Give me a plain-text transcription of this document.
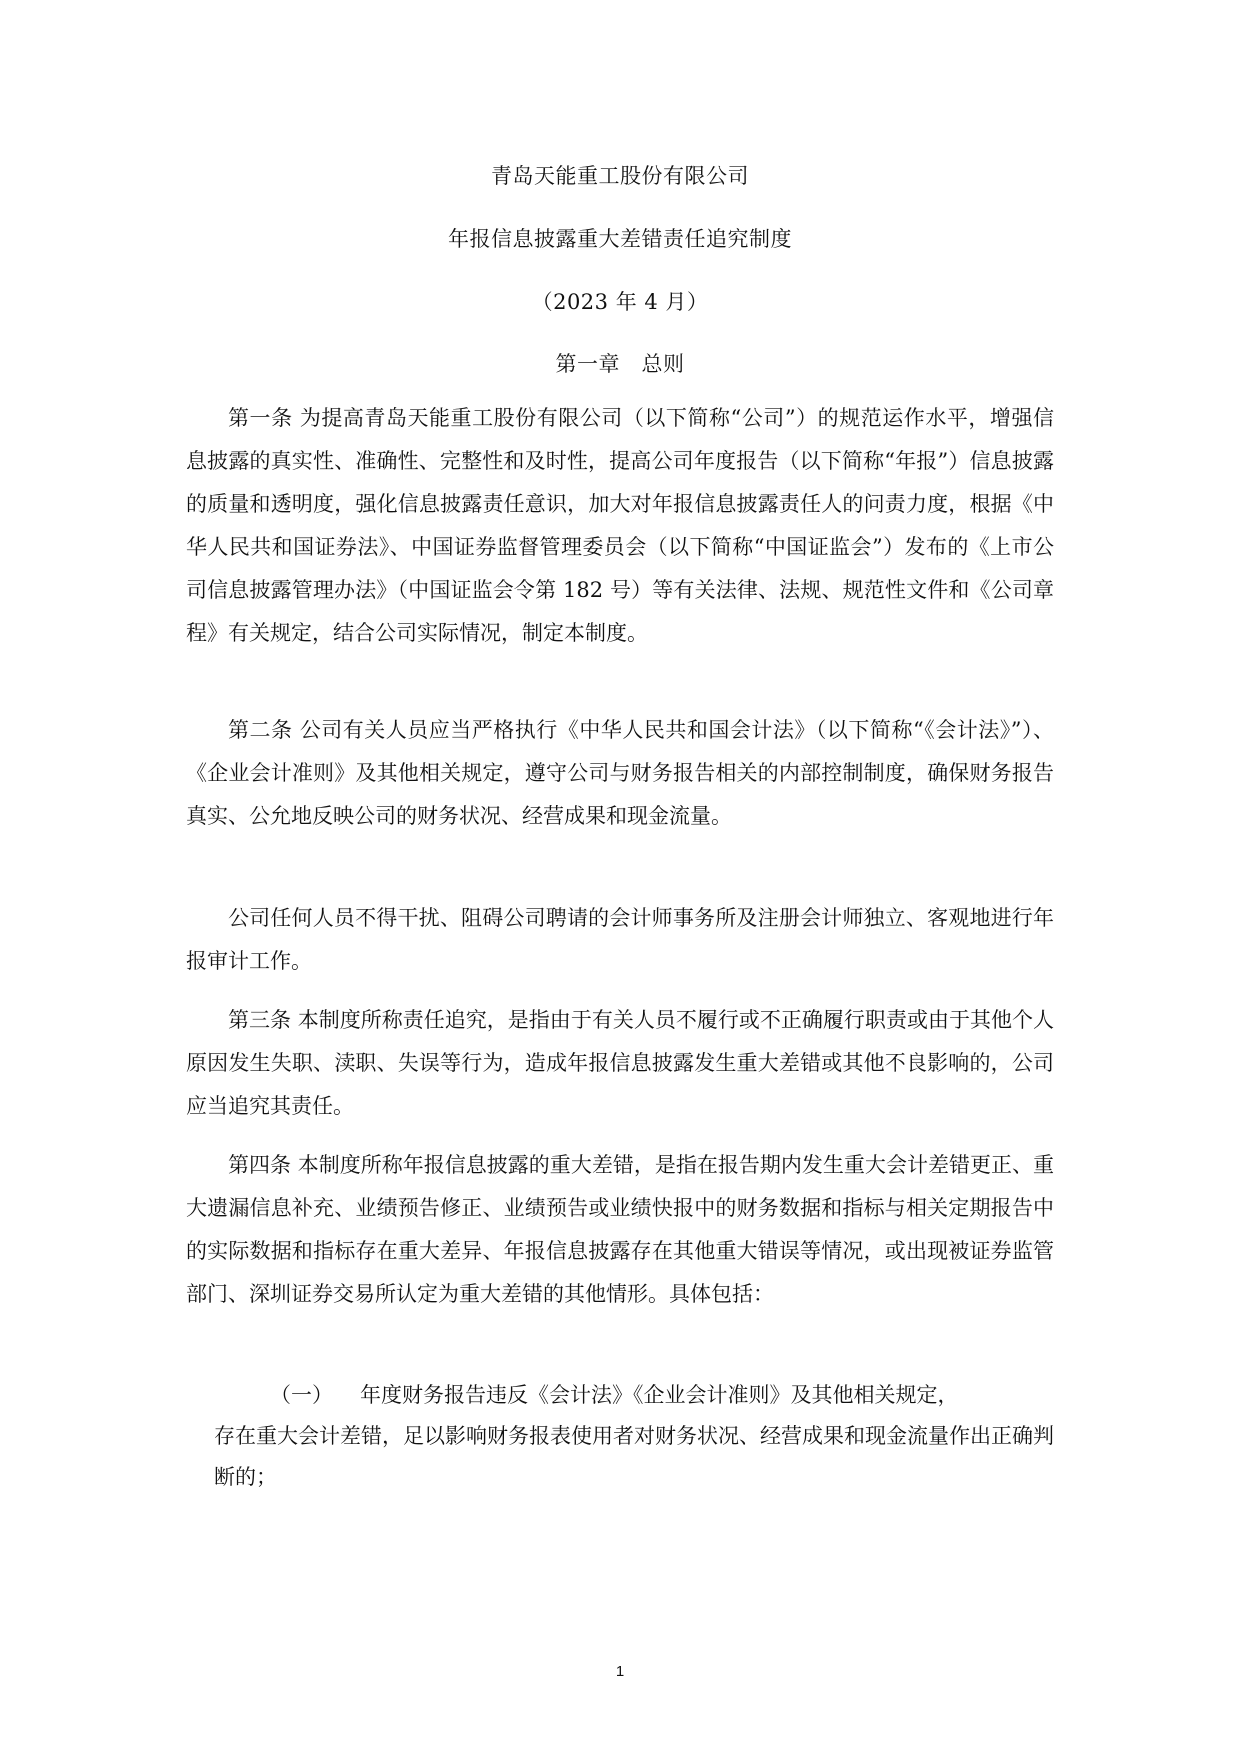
青岛天能重工股份有限公司
年报信息披露重大差错责任追究制度
（2023 年 4 月）
第一章　总则

第一条 为提高青岛天能重工股份有限公司（以下简称“公司”）的规范运作水平，增强信息披露的真实性、准确性、完整性和及时性，提高公司年度报告（以下简称“年报”）信息披露的质量和透明度，强化信息披露责任意识，加大对年报信息披露责任人的问责力度，根据《中华人民共和国证券法》、中国证券监督管理委员会（以下简称“中国证监会”）发布的《上市公司信息披露管理办法》（中国证监会令第 182 号）等有关法律、法规、规范性文件和《公司章程》有关规定，结合公司实际情况，制定本制度。

第二条 公司有关人员应当严格执行《中华人民共和国会计法》（以下简称“《会计法》”）、《企业会计准则》及其他相关规定，遵守公司与财务报告相关的内部控制制度，确保财务报告真实、公允地反映公司的财务状况、经营成果和现金流量。

公司任何人员不得干扰、阻碍公司聘请的会计师事务所及注册会计师独立、客观地进行年报审计工作。

第三条 本制度所称责任追究，是指由于有关人员不履行或不正确履行职责或由于其他个人原因发生失职、渎职、失误等行为，造成年报信息披露发生重大差错或其他不良影响的，公司应当追究其责任。

第四条 本制度所称年报信息披露的重大差错，是指在报告期内发生重大会计差错更正、重大遗漏信息补充、业绩预告修正、业绩预告或业绩快报中的财务数据和指标与相关定期报告中的实际数据和指标存在重大差异、年报信息披露存在其他重大错误等情况，或出现被证券监管部门、深圳证券交易所认定为重大差错的其他情形。具体包括：

（一） 年度财务报告违反《会计法》《企业会计准则》及其他相关规定，
存在重大会计差错，足以影响财务报表使用者对财务状况、经营成果和现金流量作出正确判断的；
1
